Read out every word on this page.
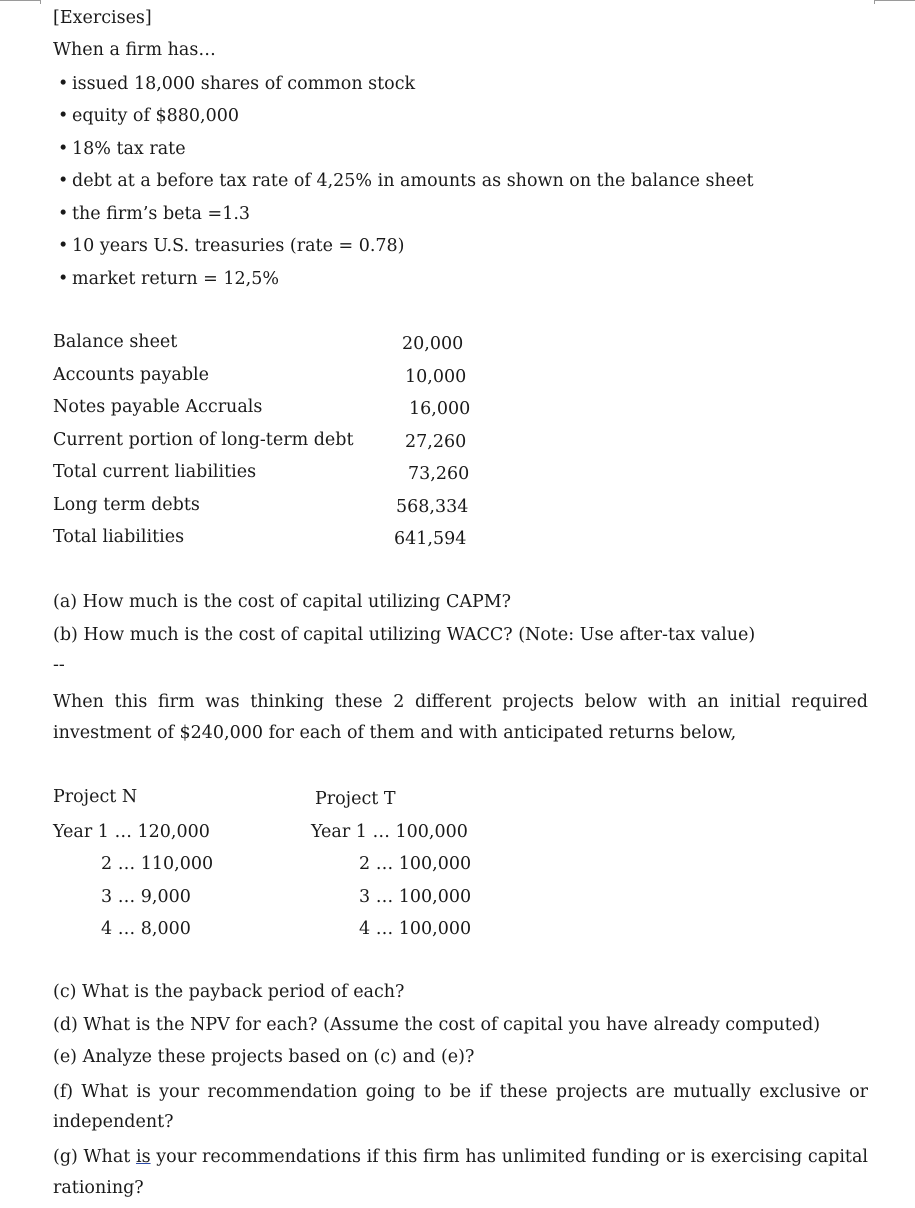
[Exercises]
When a firm has…
• issued 18,000 shares of common stock
• equity of $880,000
• 18% tax rate
• debt at a before tax rate of 4,25% in amounts as shown on the balance sheet
• the firm’s beta =1.3
• 10 years U.S. treasuries (rate = 0.78)
• market return = 12,5%
Balance sheet	20,000
Accounts payable	10,000
Notes payable Accruals	16,000
Current portion of long-term debt	27,260
Total current liabilities	73,260
Long term debts	568,334
Total liabilities	641,594
(a) How much is the cost of capital utilizing CAPM?
(b) How much is the cost of capital utilizing WACC? (Note: Use after-tax value)
--
When this firm was thinking these 2 different projects below with an initial required
investment of $240,000 for each of them and with anticipated returns below,
Project N
Year 1 … 120,000
2 … 110,000
3 … 9,000
4 … 8,000
Project T
Year 1 … 100,000
2 … 100,000
3 … 100,000
4 … 100,000
(c) What is the payback period of each?
(d) What is the NPV for each? (Assume the cost of capital you have already computed)
(e) Analyze these projects based on (c) and (e)?
(f) What is your recommendation going to be if these projects are mutually exclusive or
independent?
(g) What is your recommendations if this firm has unlimited funding or is exercising capital
rationing?
